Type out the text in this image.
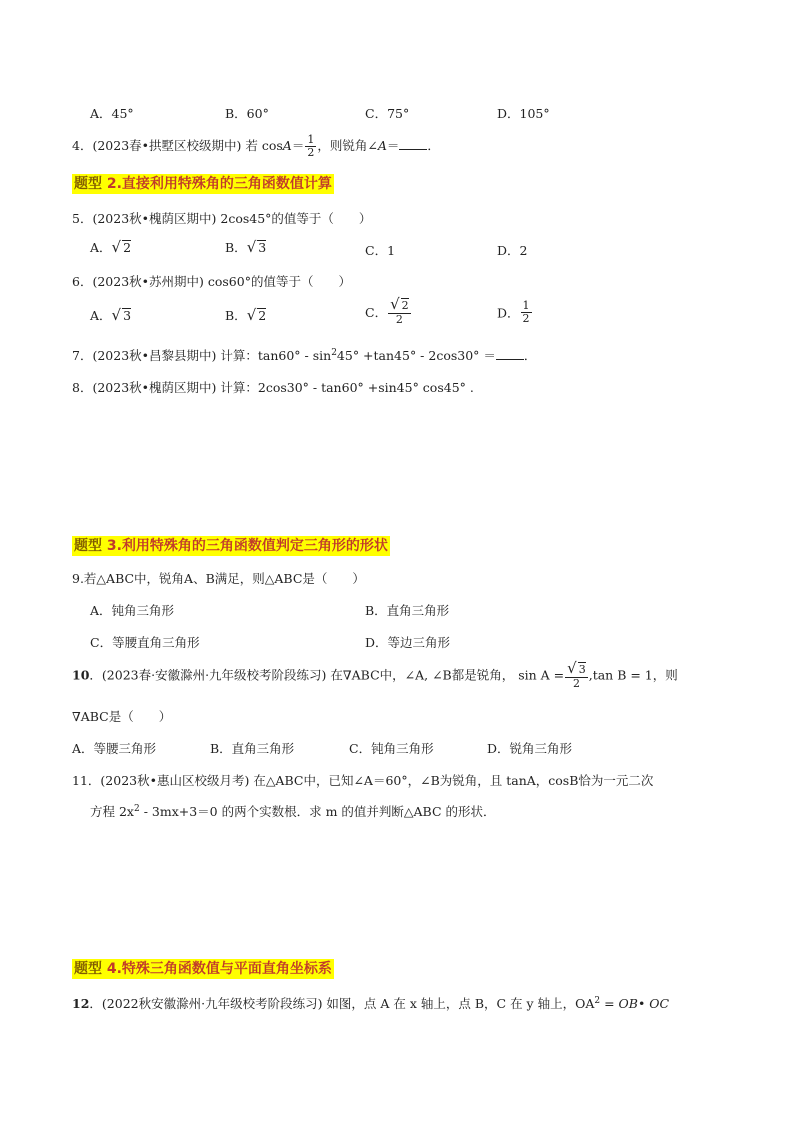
A．45°	B．60°	C．75°	D．105°
4．(2023春•拱墅区校级期中) 若 $\cos A= \frac{1}{2}$ ，则锐角∠A＝ ．
题型 2.直接利用特殊角的三角函数值计算
5．(2023秋•槐荫区期中) 2cos45°的值等于（　　）
A．√ 2	B．√ 3	C．1	D．2
6．(2023秋•苏州期中) cos60°的值等于（　　）
A．√ 3	B．√ 2	C． $\frac{√ 2}{2}$	D． $\frac{1}{2}$
7．(2023秋•昌黎县期中) 计算：$\tan 60^\circ - \sin^245^\circ +\tan 45^\circ - 2\cos 30^\circ$ ＝ ．
8．(2023秋•槐荫区期中) 计算：2cos30° - tan60° +sin45° cos45° .
题型 3.利用特殊角的三角函数值判定三角形的形状
9.若△ABC中，锐角A、B满足，则△ABC是（　　）
A．钝角三角形	B．直角三角形
C．等腰直角三角形	D．等边三角形
10．(2023春·安徽滁州·九年级校考阶段练习) 在∇ABC中，∠A, ∠B都是锐角， $\sin A = \frac{√ 3}{2} ,\tan$ B = 1，则
∇ABC是（　　）
A．等腰三角形	B．直角三角形	C．钝角三角形	D．锐角三角形
11．(2023秋•惠山区校级月考) 在△ABC中，已知∠A＝60°，∠B为锐角，且 tanA，cosB恰为一元二次
方程 $2x^2 - 3mx+3=0$ 的两个实数根．求 m 的值并判断△ABC 的形状．
题型 4.特殊三角函数值与平面直角坐标系
12．(2022秋安徽滁州·九年级校考阶段练习) 如图，点 A 在 x 轴上，点 B，C 在 y 轴上，$OA^2$ = OB• OC
